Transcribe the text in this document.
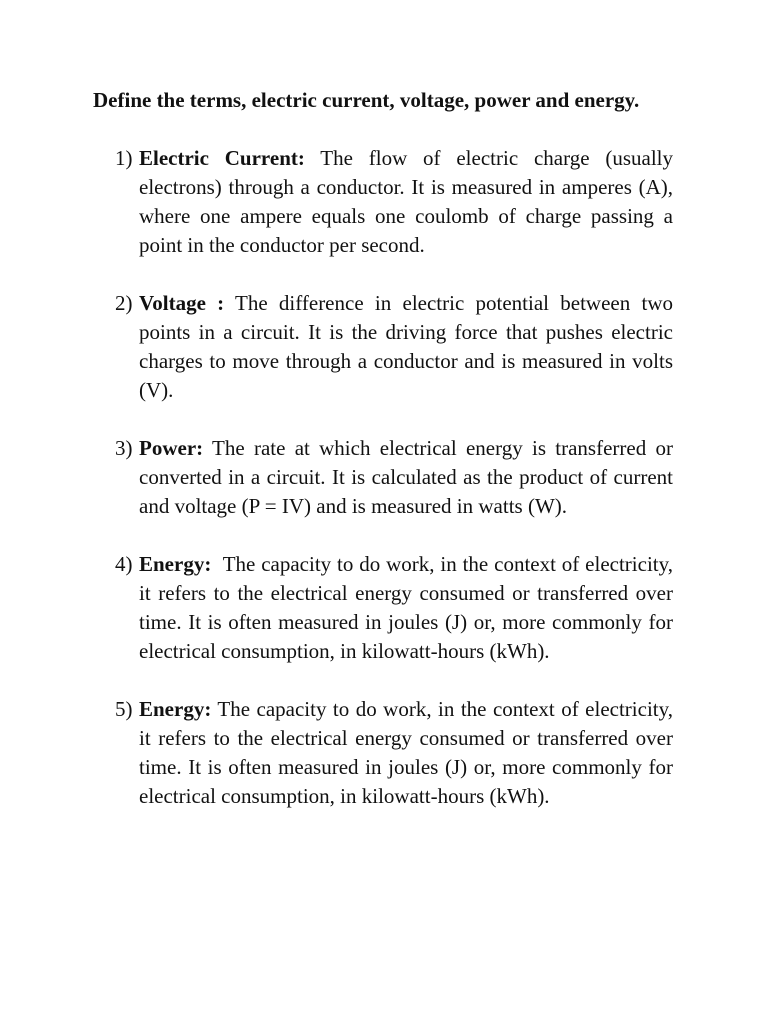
Define the terms, electric current, voltage, power and energy.

1) Electric Current: The flow of electric charge (usually electrons) through a conductor. It is measured in amperes (A), where one ampere equals one coulomb of charge passing a point in the conductor per second.
2) Voltage : The difference in electric potential between two points in a circuit. It is the driving force that pushes electric charges to move through a conductor and is measured in volts (V).
3) Power: The rate at which electrical energy is transferred or converted in a circuit. It is calculated as the product of current and voltage (P = IV) and is measured in watts (W).
4) Energy:  The capacity to do work, in the context of electricity, it refers to the electrical energy consumed or transferred over time. It is often measured in joules (J) or, more commonly for electrical consumption, in kilowatt-hours (kWh).
5) Energy: The capacity to do work, in the context of electricity, it refers to the electrical energy consumed or transferred over time. It is often measured in joules (J) or, more commonly for electrical consumption, in kilowatt-hours (kWh).
